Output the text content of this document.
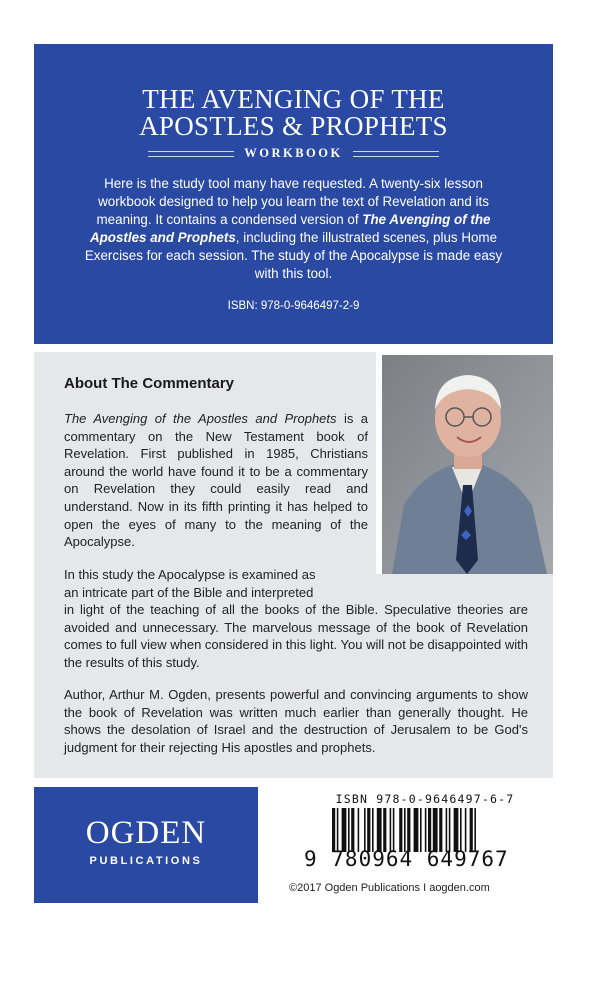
THE AVENGING OF THE
APOSTLES & PROPHETS
WORKBOOK
Here is the study tool many have requested. A twenty-six lesson workbook designed to help you learn the text of Revelation and its meaning. It contains a condensed version of The Avenging of the Apostles and Prophets, including the illustrated scenes, plus Home Exercises for each session. The study of the Apocalypse is made easy with this tool.
ISBN: 978-0-9646497-2-9
About The Commentary
The Avenging of the Apostles and Prophets is a commentary on the New Testament book of Revelation. First published in 1985, Christians around the world have found it to be a commentary on Revelation they could easily read and understand. Now in its fifth printing it has helped to open the eyes of many to the meaning of the Apocalypse.
In this study the Apocalypse is examined as
an intricate part of the Bible and interpreted
in light of the teaching of all the books of the Bible. Speculative theories are avoided and unnecessary. The marvelous message of the book of Revelation comes to full view when considered in this light. You will not be disappointed with the results of this study.
Author, Arthur M. Ogden, presents powerful and convincing arguments to show the book of Revelation was written much earlier than generally thought. He shows the desolation of Israel and the destruction of Jerusalem to be God's judgment for their rejecting His apostles and prophets.
OGDEN
PUBLICATIONS
ISBN 978-0-9646497-6-7
9 780964 649767
©2017 Ogden Publications I aogden.com
